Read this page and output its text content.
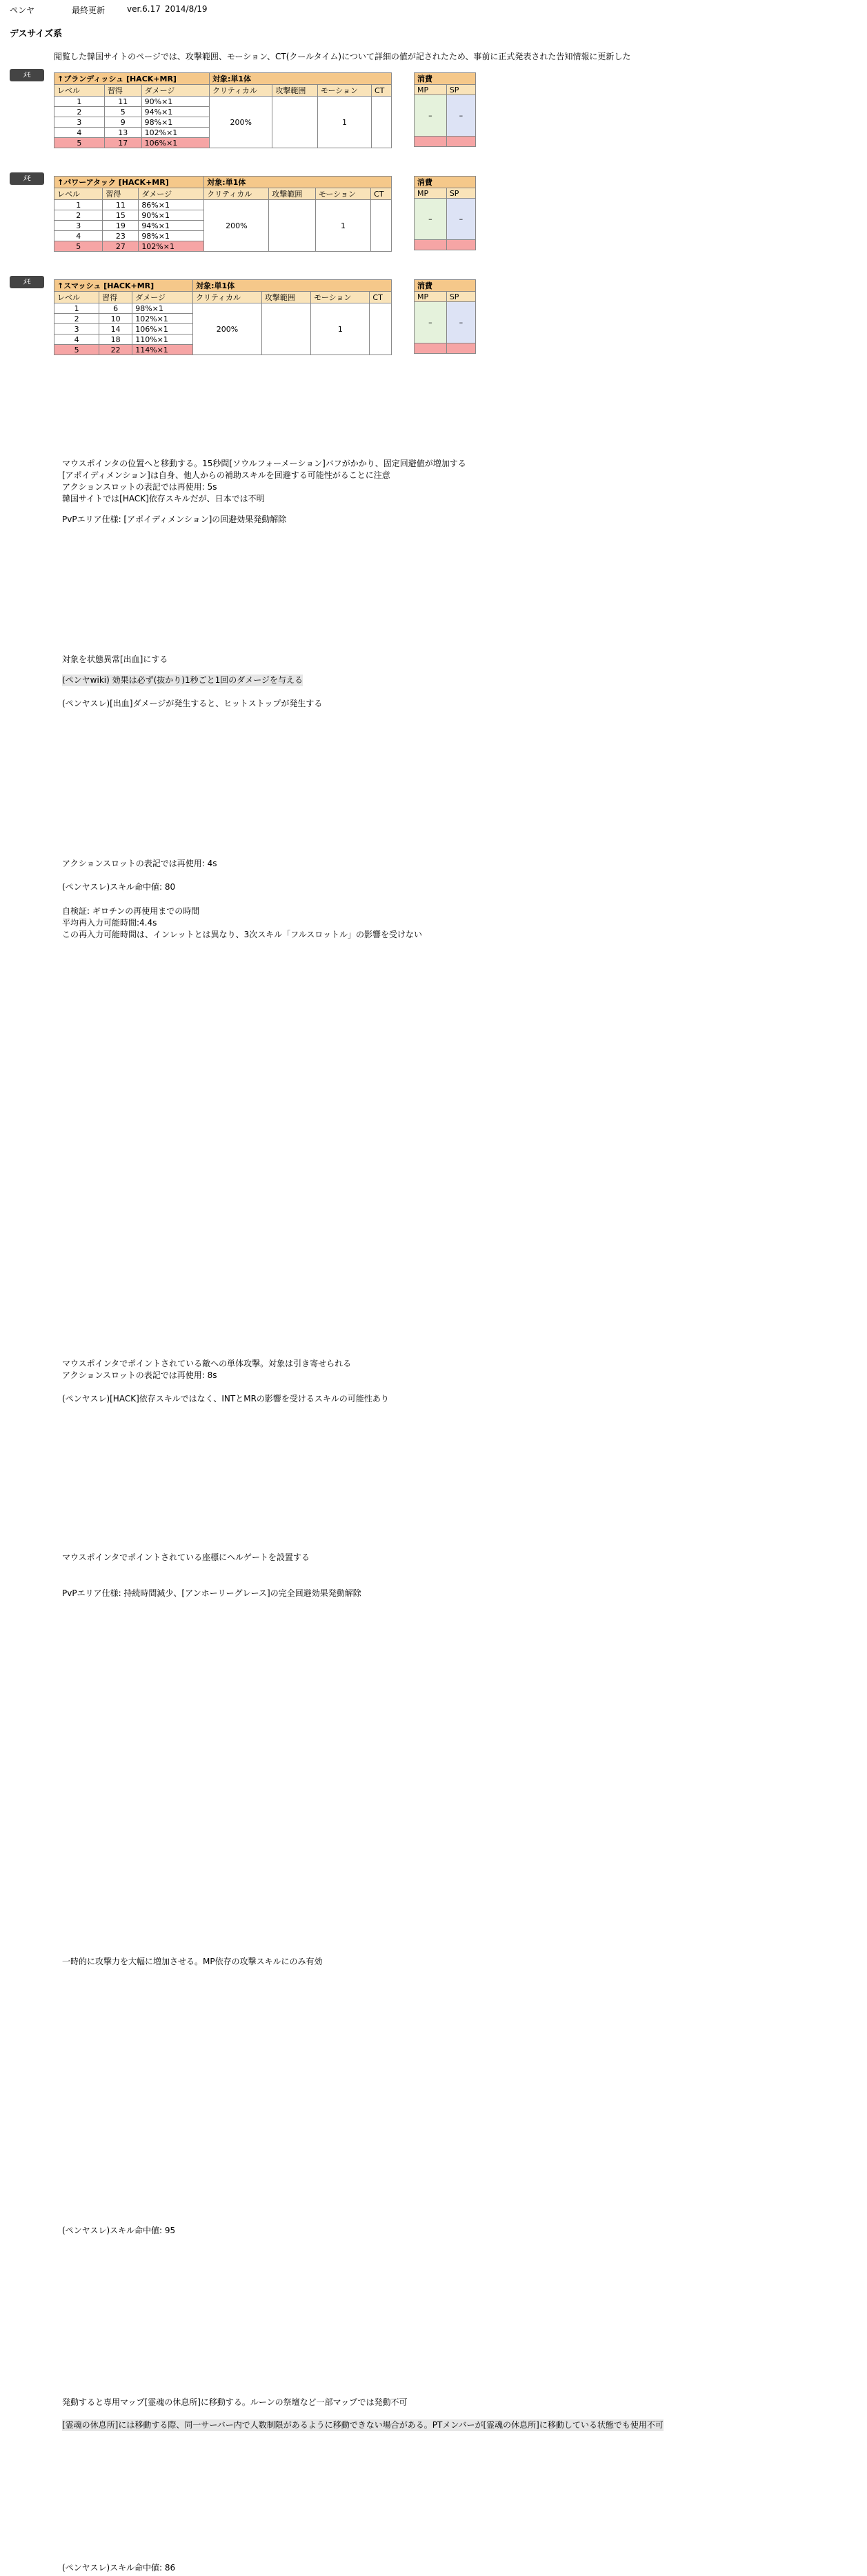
ペンヤ	最終更新	ver.6.17 2014/8/19
デスサイズ系
閲覧した韓国サイトのページでは、攻撃範囲、モーション、CT(クールタイム)について詳細の値が記されたため、事前に正式発表された告知情報に更新した
ﾒﾓ	↑ブランディッシュ [HACK+MR]			対象:単1体			
レベル	習得	ダメージ	クリティカル	攻撃範囲	モーション	CT
1	11	90%×1	200%		1	
2	5	94%×1				
3	9	98%×1				
4	13	102%×1				
5	17	106%×1				
消費	
MP	SP
–	–

ﾒﾓ	↑パワーアタック [HACK+MR]			対象:単1体			
レベル	習得	ダメージ	クリティカル	攻撃範囲	モーション	CT
1	11	86%×1	200%		1	
2	15	90%×1				
3	19	94%×1				
4	23	98%×1				
5	27	102%×1				
消費	
MP	SP
–	–

ﾒﾓ	↑スマッシュ [HACK+MR]			対象:単1体			
レベル	習得	ダメージ	クリティカル	攻撃範囲	モーション	CT
1	6	98%×1	200%		1	
2	10	102%×1				
3	14	106%×1				
4	18	110%×1				
5	22	114%×1				
消費	
MP	SP
–	–

マウスポインタの位置へと移動する。15秒間[ソウルフォーメーション]バフがかかり、固定回避値が増加する
[アポイディメンション]は自身、他人からの補助スキルを回避する可能性がることに注意
アクションスロットの表記では再使用: 5s
韓国サイトでは[HACK]依存スキルだが、日本では不明
PvPエリア仕様: [アポイディメンション]の回避効果発動解除
対象を状態異常[出血]にする
(ペンヤwiki) 効果は必ず(抜かり)1秒ごと1回のダメージを与える
(ペンヤスレ)[出血]ダメージが発生すると、ヒットストップが発生する
アクションスロットの表記では再使用: 4s
(ペンヤスレ)スキル命中値: 80
自検証: ギロチンの再使用までの時間
平均再入力可能時間:4.4s
この再入力可能時間は、インレットとは異なり、3次スキル「フルスロットル」の影響を受けない
マウスポインタでポイントされている敵への単体攻撃。対象は引き寄せられる
アクションスロットの表記では再使用: 8s
(ペンヤスレ)[HACK]依存スキルではなく、INTとMRの影響を受けるスキルの可能性あり
マウスポインタでポイントされている座標にヘルゲートを設置する
PvPエリア仕様: 持続時間減少、[アンホーリーグレース]の完全回避効果発動解除
一時的に攻撃力を大幅に増加させる。MP依存の攻撃スキルにのみ有効
(ペンヤスレ)スキル命中値: 95
発動すると専用マップ[霊魂の休息所]に移動する。ルーンの祭壇など一部マップでは発動不可
[霊魂の休息所]には移動する際、同一サーバー内で人数制限があるように移動できない場合がある。PTメンバーが[霊魂の休息所]に移動している状態でも使用不可
(ペンヤスレ)スキル命中値: 86
